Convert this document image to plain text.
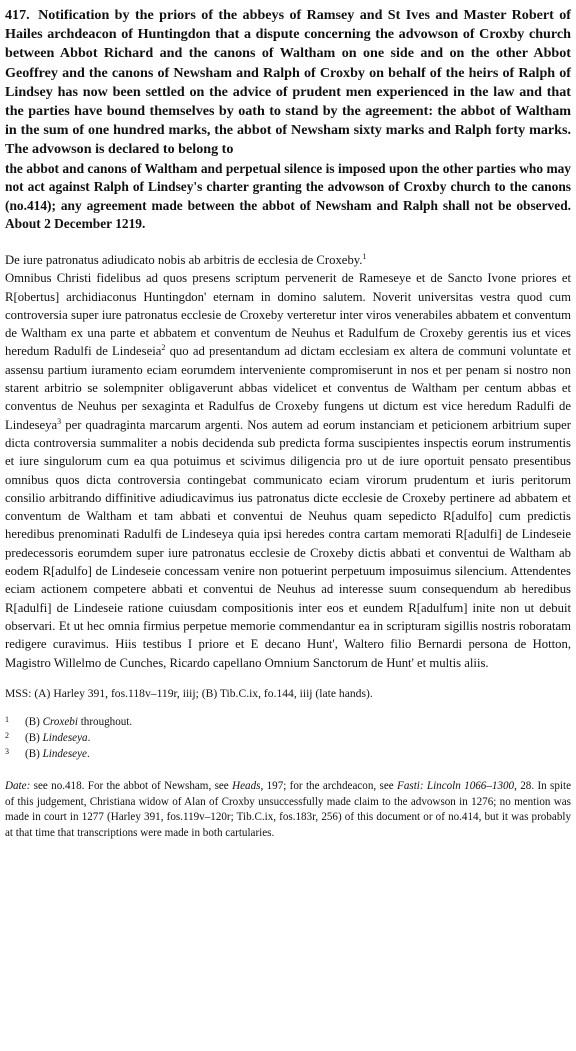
417. Notification by the priors of the abbeys of Ramsey and St Ives and Master Robert of Hailes archdeacon of Huntingdon that a dispute concerning the advowson of Croxby church between Abbot Richard and the canons of Waltham on one side and on the other Abbot Geoffrey and the canons of Newsham and Ralph of Croxby on behalf of the heirs of Ralph of Lindsey has now been settled on the advice of prudent men experienced in the law and that the parties have bound themselves by oath to stand by the agreement: the abbot of Waltham in the sum of one hundred marks, the abbot of Newsham sixty marks and Ralph forty marks. The advowson is declared to belong to

the abbot and canons of Waltham and perpetual silence is imposed upon the other parties who may not act against Ralph of Lindsey's charter granting the advowson of Croxby church to the canons (no.414); any agreement made between the abbot of Newsham and Ralph shall not be observed. About 2 December 1219.

De iure patronatus adiudicato nobis ab arbitris de ecclesia de Croxeby.$^1$

Omnibus Christi fidelibus ad quos presens scriptum pervenerit de Rameseye et de Sancto Ivone priores et R[obertus] archidiaconus Huntingdon' eternam in domino salutem. Noverit universitas vestra quod cum controversia super iure patronatus ecclesie de Croxeby verteretur inter viros venerabiles abbatem et conventum de Waltham ex una parte et abbatem et conventum de Neuhus et Radulfum de Croxeby gerentis ius et vices heredum Radulfi de Lindeseia$^2$ quo ad presentandum ad dictam ecclesiam ex altera de communi voluntate et assensu partium iuramento eciam eorumdem interveniente compromiserunt in nos et per penam si nostro non starent arbitrio se solempniter obligaverunt abbas videlicet et conventus de Waltham per centum abbas et conventus de Neuhus per sexaginta et Radulfus de Croxeby fungens ut dictum est vice heredum Radulfi de Lindeseya$^3$ per quadraginta marcarum argenti. Nos autem ad eorum instanciam et peticionem arbitrium super dicta controversia summaliter a nobis decidenda sub predicta forma suscipientes inspectis eorum instrumentis et iure singulorum cum ea qua potuimus et scivimus diligencia pro ut de iure oportuit pensato presentibus omnibus quos dicta controversia contingebat communicato eciam virorum prudentum et iuris peritorum consilio arbitrando diffinitive adiudicavimus ius patronatus dicte ecclesie de Croxeby pertinere ad abbatem et conventum de Waltham et tam abbati et conventui de Neuhus quam sepedicto R[adulfo] cum predictis heredibus prenominati Radulfi de Lindeseya quia ipsi heredes contra cartam memorati R[adulfi] de Lindeseie predecessoris eorumdem super iure patronatus ecclesie de Croxeby dictis abbati et conventui de Waltham ab eodem R[adulfo] de Lindeseie concessam venire non potuerint perpetuum imposuimus silencium. Attendentes eciam actionem competere abbati et conventui de Neuhus ad interesse suum consequendum ab heredibus R[adulfi] de Lindeseie ratione cuiusdam compositionis inter eos et eundem R[adulfum] inite non ut debuit observari. Et ut hec omnia firmius perpetue memorie commendantur ea in scripturam sigillis nostris roboratam redigere curavimus. Hiis testibus I priore et E decano Hunt', Waltero filio Bernardi persona de Hotton, Magistro Willelmo de Cunches, Ricardo capellano Omnium Sanctorum de Hunt' et multis aliis.

MSS: (A) Harley 391, fos.118v–119r, iiij; (B) Tib.C.ix, fo.144, iiij (late hands).

1	(B) Croxebi throughout.
2	(B) Lindeseya.
3	(B) Lindeseye.

Date: see no.418. For the abbot of Newsham, see Heads, 197; for the archdeacon, see Fasti: Lincoln 1066–1300, 28. In spite of this judgement, Christiana widow of Alan of Croxby unsuccessfully made claim to the advowson in 1276; no mention was made in court in 1277 (Harley 391, fos.119v–120r; Tib.C.ix, fos.183r, 256) of this document or of no.414, but it was probably at that time that transcriptions were made in both cartularies.
